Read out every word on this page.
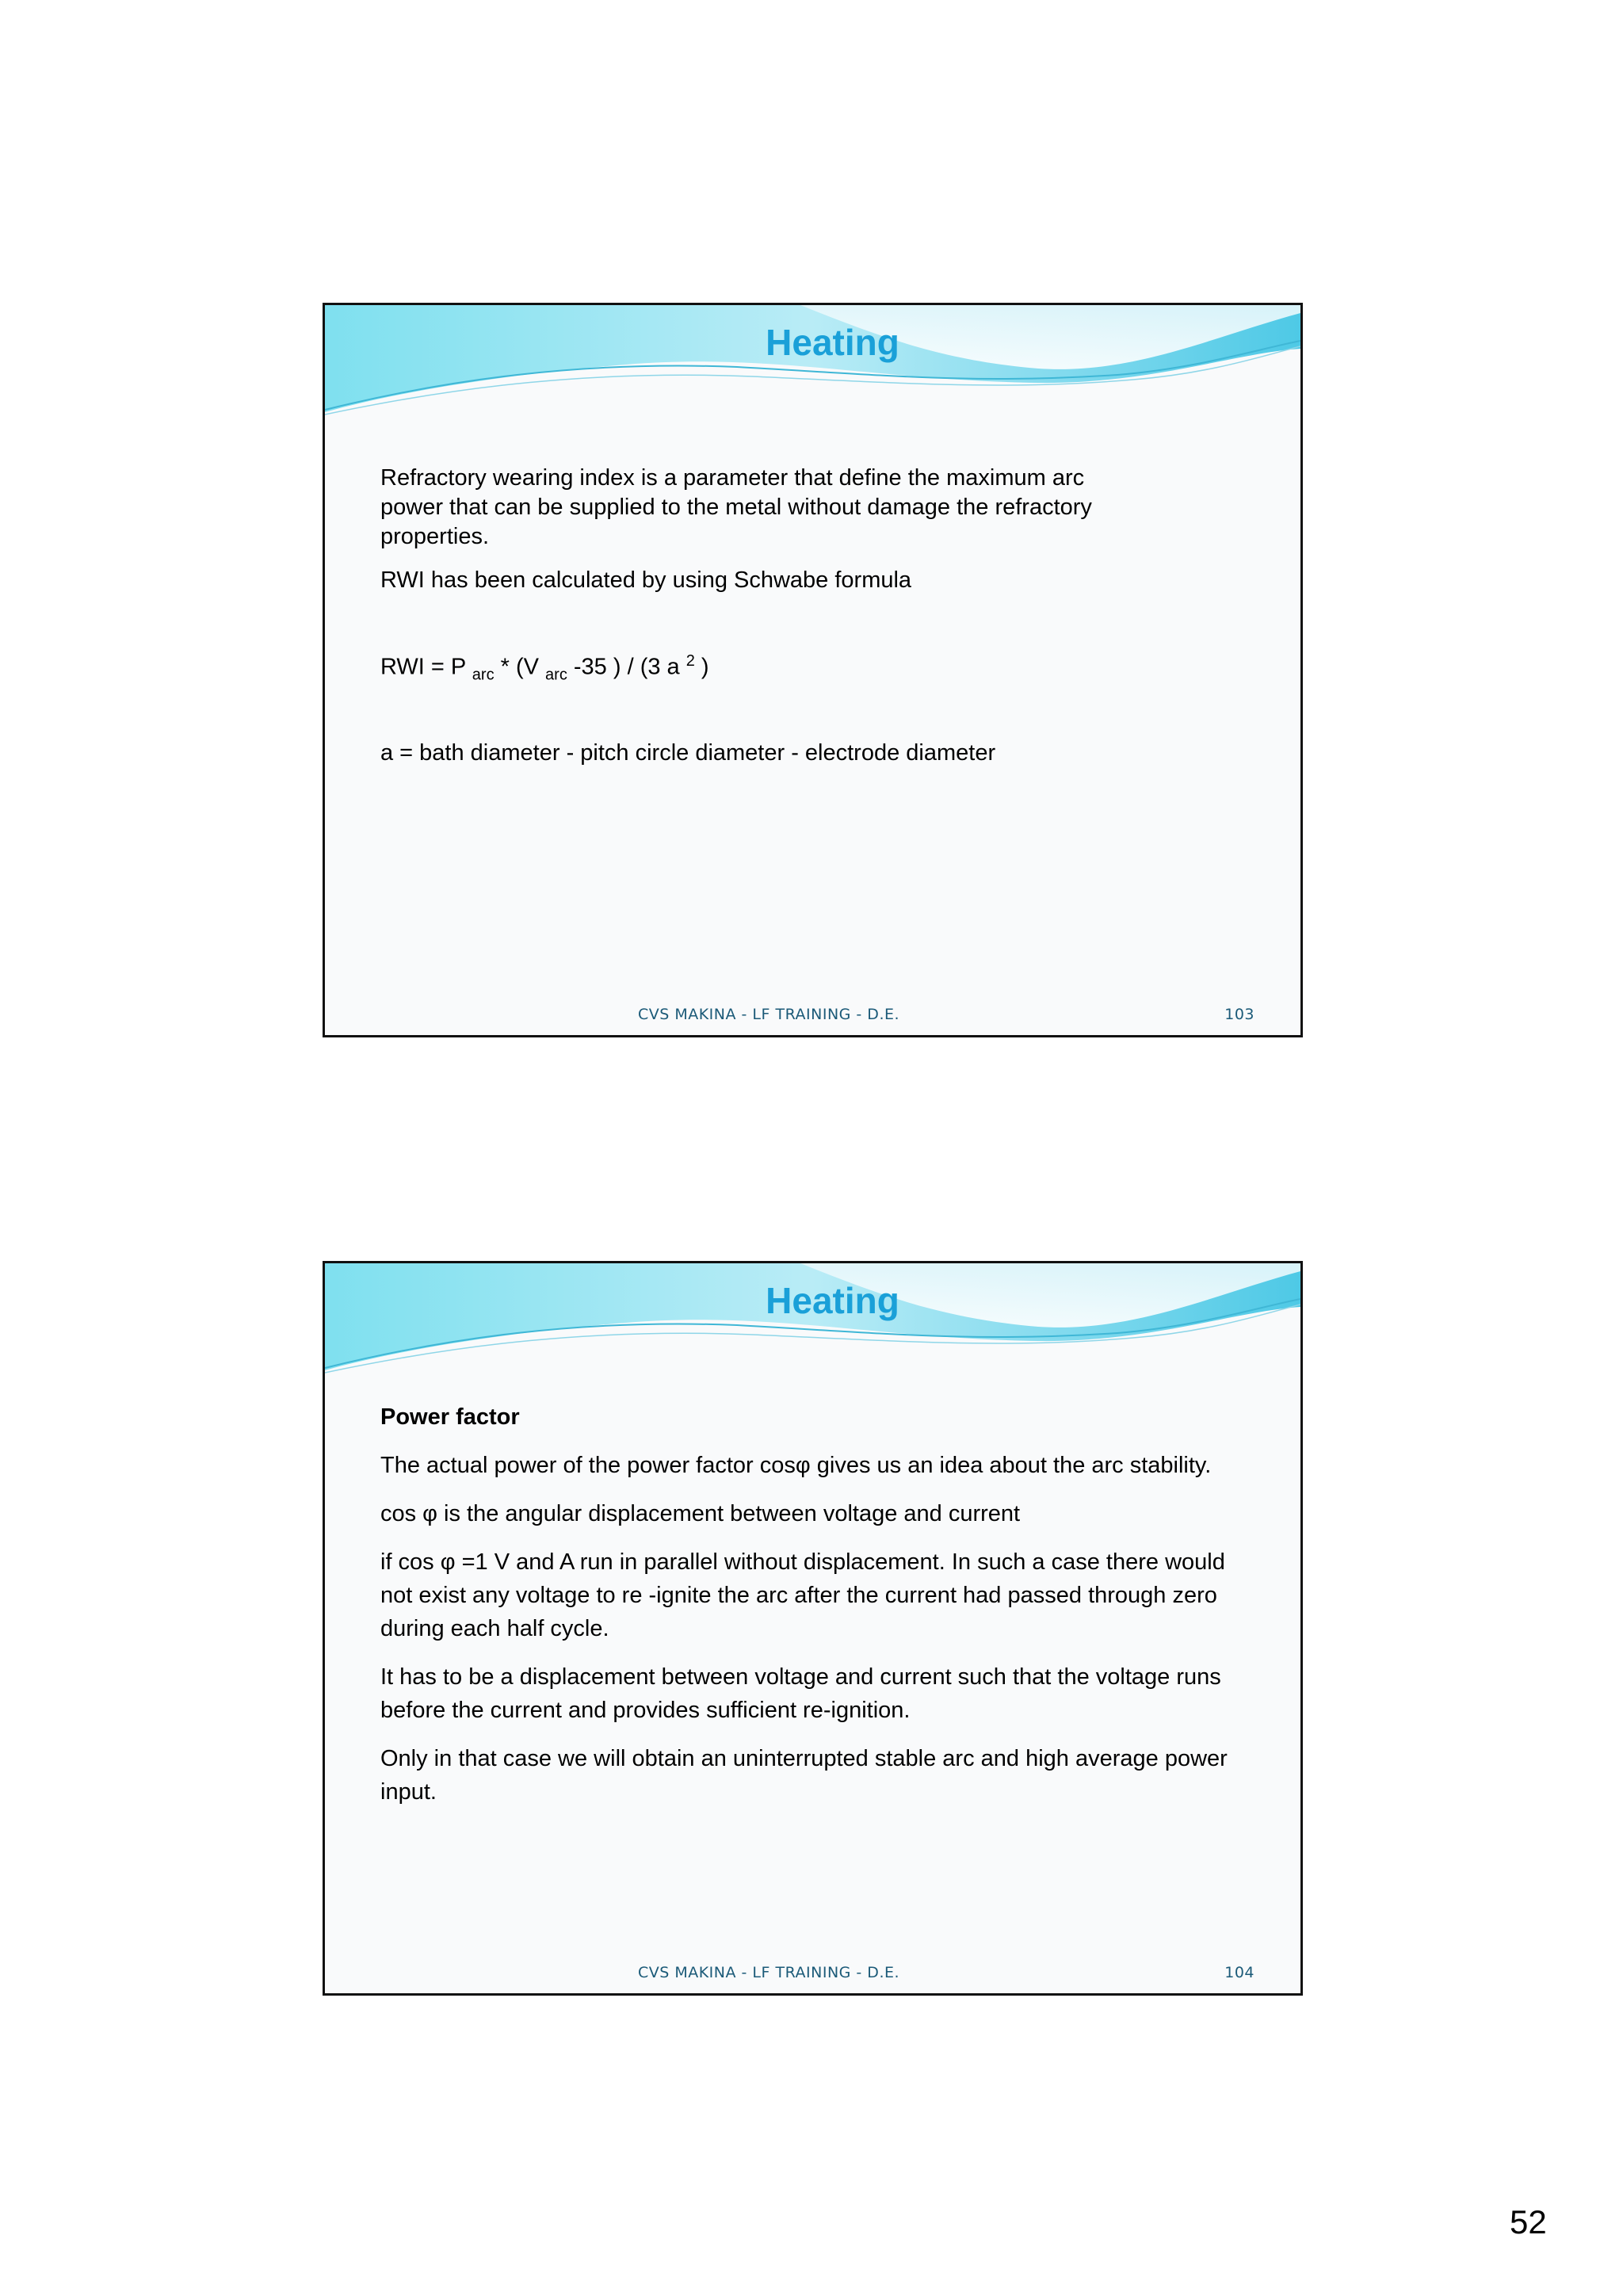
Heating

Refractory wearing index is a parameter that define the maximum arc power that can be supplied to the metal without damage the refractory properties.

RWI has been calculated by using Schwabe formula

RWI = P $_{arc}$ * (V $_{arc}$ -35 ) / (3 a $^2$ )

a = bath diameter - pitch circle diameter - electrode diameter

CVS MAKINA - LF TRAINING - D.E.	103
Heating

Power factor

The actual power of the power factor cosφ gives us an idea about the arc stability.

cos φ is the angular displacement between voltage and current

if cos φ =1 V and A run in parallel without displacement. In such a case there would not exist any voltage to re -ignite the arc after the current had passed through zero during each half cycle.

It has to be a displacement between voltage and current such that the voltage runs before the current and provides sufficient re-ignition.

Only in that case we will obtain an uninterrupted stable arc and high average power input.

CVS MAKINA - LF TRAINING - D.E.	104
52
